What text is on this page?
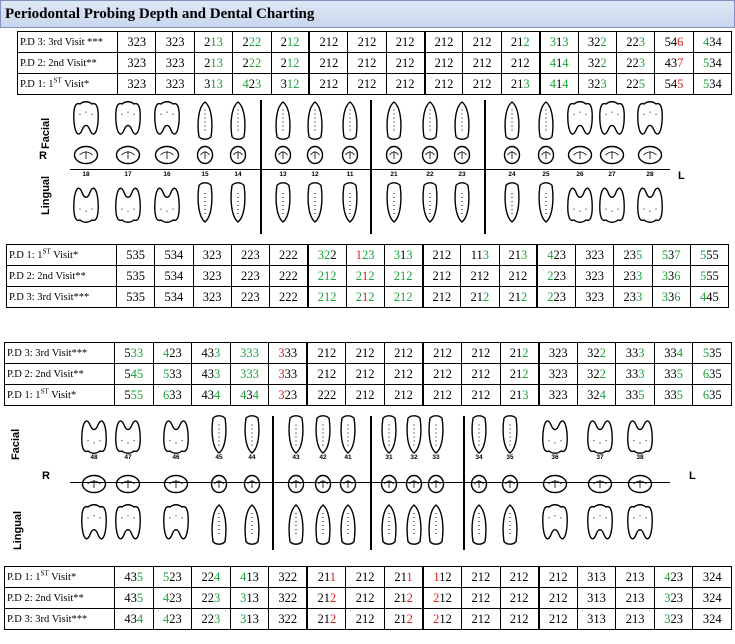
Periodontal Probing Depth and Dental Charting
P.D 3: 3rd Visit ***	323	323	213	222	212	212	212	212	212	212	212	313	322	223	546	434
P.D 2: 2nd Visit**	323	323	213	222	212	212	212	212	212	212	212	414	322	223	437	534
P.D 1: 1ST Visit*	323	323	313	423	312	212	212	212	212	212	213	414	323	225	545	534
Facial
R
Lingual	L
18	17	16	15	14	13	12	11	21	22	23	24	25	26	27	28
P.D 1: 1ST Visit*	535	534	323	223	222	322	123	313	212	113	213	423	323	235	537	555
P.D 2: 2nd Visit**	535	534	323	223	222	212	212	212	212	212	212	223	323	233	336	555
P.D 3: 3rd Visit***	535	534	323	223	222	212	212	212	212	212	212	223	323	233	336	445
P.D 3: 3rd Visit***	533	423	433	333	333	212	212	212	212	212	212	323	322	333	334	535
P.D 2: 2nd Visit**	545	533	433	333	333	212	212	212	212	212	212	323	322	333	335	635
P.D 1: 1ST Visit*	555	633	434	434	323	222	212	212	212	212	213	323	324	335	335	635
Facial
R
Lingual
L
48	47	46	45	44	43	42	41	31	32	33	34	35	36	37	38
P.D 1: 1ST Visit*	435	523	224	413	322	211	212	211	112	212	212	212	313	213	423	324
P.D 2: 2nd Visit**	435	423	223	313	322	212	212	212	212	212	212	212	313	213	323	324
P.D 3: 3rd Visit***	434	423	223	313	322	212	212	212	212	212	212	212	313	213	323	324
